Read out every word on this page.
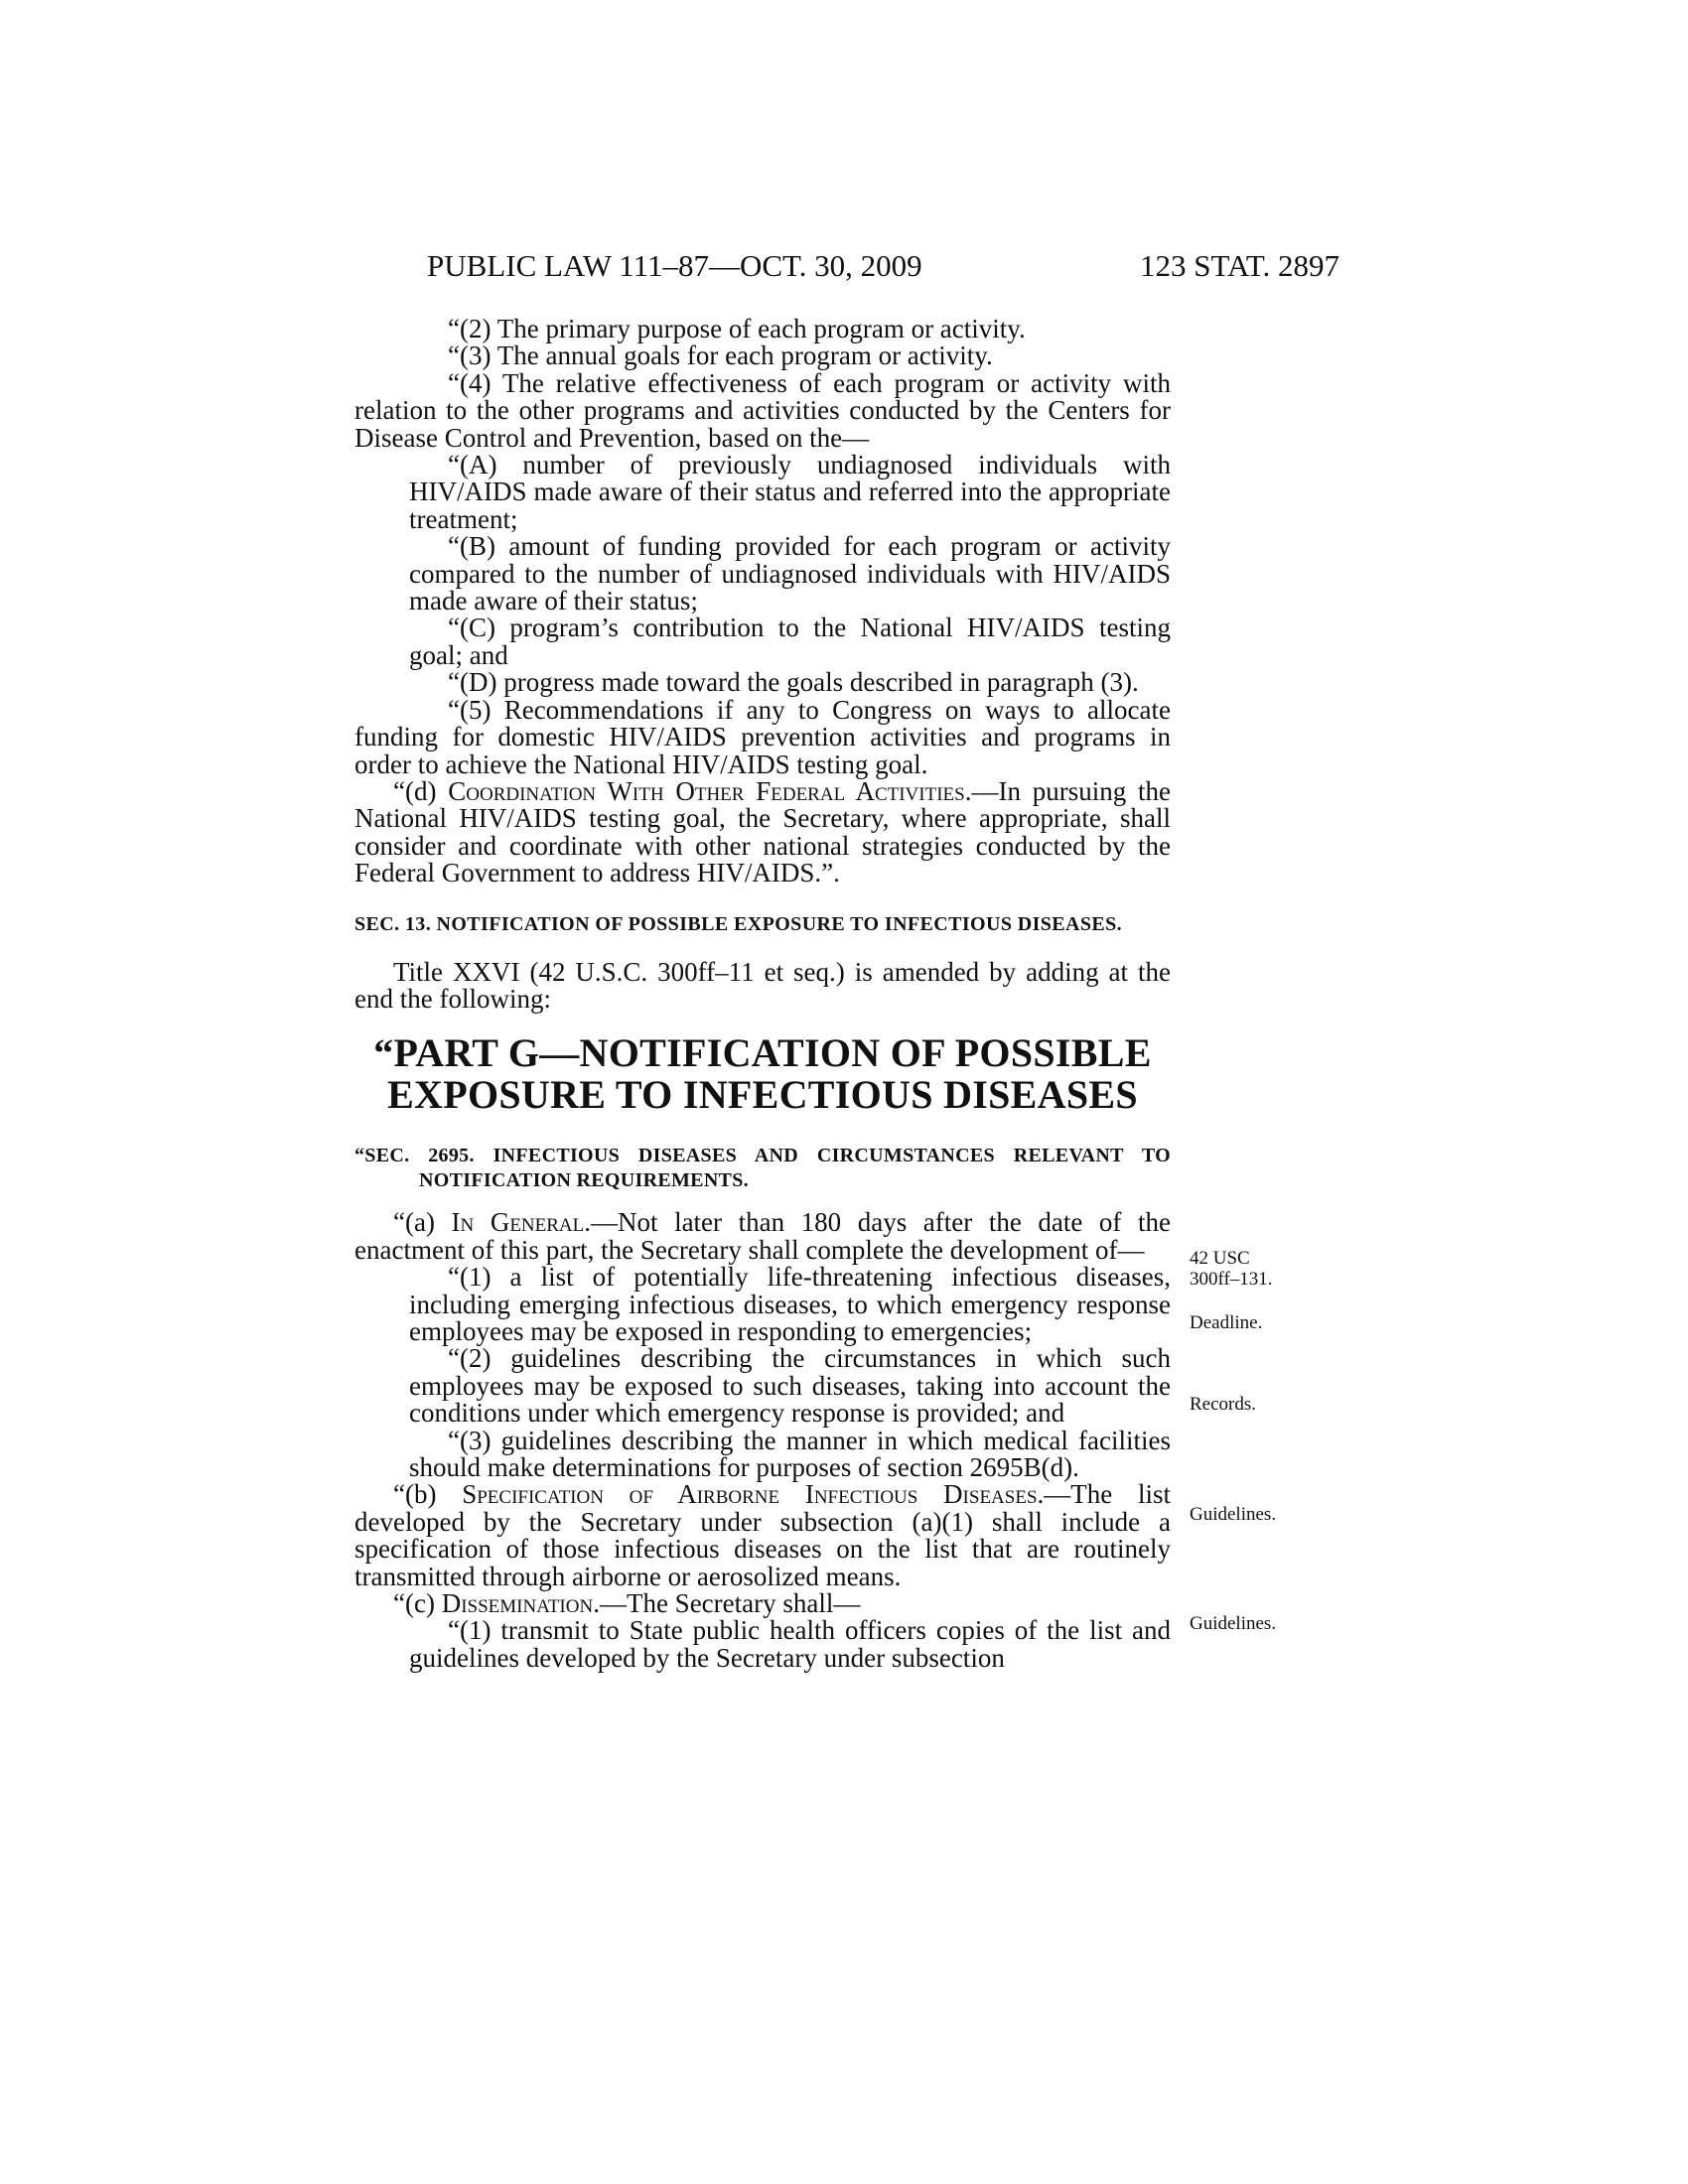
PUBLIC LAW 111–87—OCT. 30, 2009	123 STAT. 2897

“(2) The primary purpose of each program or activity.

“(3) The annual goals for each program or activity.

“(4) The relative effectiveness of each program or activity with relation to the other programs and activities conducted by the Centers for Disease Control and Prevention, based on the—

“(A) number of previously undiagnosed individuals with HIV/AIDS made aware of their status and referred into the appropriate treatment;

“(B) amount of funding provided for each program or activity compared to the number of undiagnosed individuals with HIV/AIDS made aware of their status;

“(C) program’s contribution to the National HIV/AIDS testing goal; and

“(D) progress made toward the goals described in paragraph (3).

“(5) Recommendations if any to Congress on ways to allocate funding for domestic HIV/AIDS prevention activities and programs in order to achieve the National HIV/AIDS testing goal.

“(d) Coordination With Other Federal Activities.—In pursuing the National HIV/AIDS testing goal, the Secretary, where appropriate, shall consider and coordinate with other national strategies conducted by the Federal Government to address HIV/AIDS.”.

SEC. 13. NOTIFICATION OF POSSIBLE EXPOSURE TO INFECTIOUS DISEASES.

Title XXVI (42 U.S.C. 300ff–11 et seq.) is amended by adding at the end the following:

“PART G—NOTIFICATION OF POSSIBLE
EXPOSURE TO INFECTIOUS DISEASES
“SEC. 2695. INFECTIOUS DISEASES AND CIRCUMSTANCES RELEVANT TO NOTIFICATION REQUIREMENTS.

“(a) In General.—Not later than 180 days after the date of the enactment of this part, the Secretary shall complete the development of—

“(1) a list of potentially life-threatening infectious diseases, including emerging infectious diseases, to which emergency response employees may be exposed in responding to emergencies;

“(2) guidelines describing the circumstances in which such employees may be exposed to such diseases, taking into account the conditions under which emergency response is provided; and

“(3) guidelines describing the manner in which medical facilities should make determinations for purposes of section 2695B(d).

“(b) Specification of Airborne Infectious Diseases.—The list developed by the Secretary under subsection (a)(1) shall include a specification of those infectious diseases on the list that are routinely transmitted through airborne or aerosolized means.

“(c) Dissemination.—The Secretary shall—

“(1) transmit to State public health officers copies of the list and guidelines developed by the Secretary under subsection

42 USC
300ff–131.
Deadline.
Records.
Guidelines.
Guidelines.
